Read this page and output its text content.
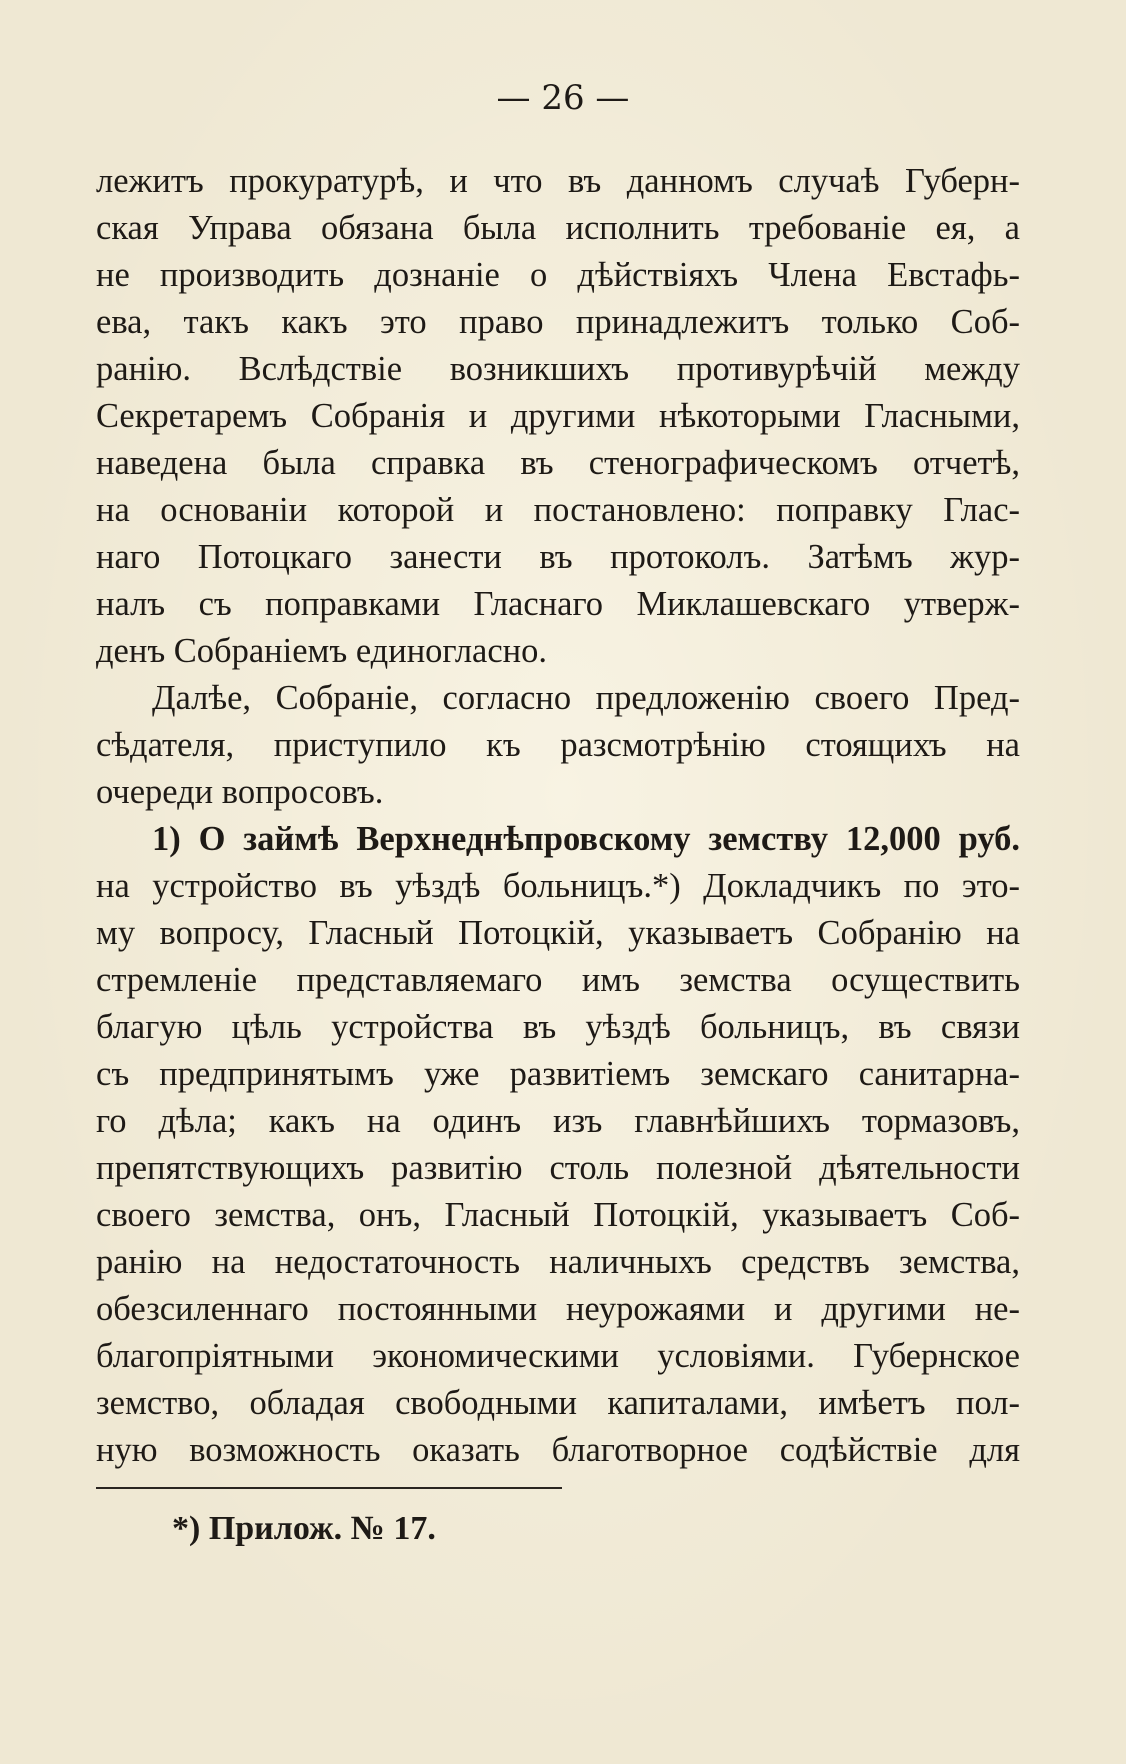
— 26 —
лежитъ прокуратурѣ, и что въ данномъ случаѣ Губерн-
ская Управа обязана была исполнить требованіе ея, а
не производить дознаніе о дѣйствіяхъ Члена Евстафь-
ева, такъ какъ это право принадлежитъ только Соб-
ранію. Вслѣдствіе возникшихъ противурѣчій между
Секретаремъ Собранія и другими нѣкоторыми Гласными,
наведена была справка въ стенографическомъ отчетѣ,
на основаніи которой и постановлено: поправку Глас-
наго Потоцкаго занести въ протоколъ. Затѣмъ жур-
налъ съ поправками Гласнаго Миклашевскаго утверж-
денъ Собраніемъ единогласно.
Далѣе, Собраніе, согласно предложенію своего Пред-
сѣдателя, приступило къ разсмотрѣнію стоящихъ на
очереди вопросовъ.
1) О займѣ Верхнеднѣпровскому земству 12,000 руб.
на устройство въ уѣздѣ больницъ.*) Докладчикъ по это-
му вопросу, Гласный Потоцкій, указываетъ Собранію на
стремленіе представляемаго имъ земства осуществить
благую цѣль устройства въ уѣздѣ больницъ, въ связи
съ предпринятымъ уже развитіемъ земскаго санитарна-
го дѣла; какъ на одинъ изъ главнѣйшихъ тормазовъ,
препятствующихъ развитію столь полезной дѣятельности
своего земства, онъ, Гласный Потоцкій, указываетъ Соб-
ранію на недостаточность наличныхъ средствъ земства,
обезсиленнаго постоянными неурожаями и другими не-
благопріятными экономическими условіями. Губернское
земство, обладая свободными капиталами, имѣетъ пол-
ную возможность оказать благотворное содѣйствіе для
*) Прилож. № 17.
